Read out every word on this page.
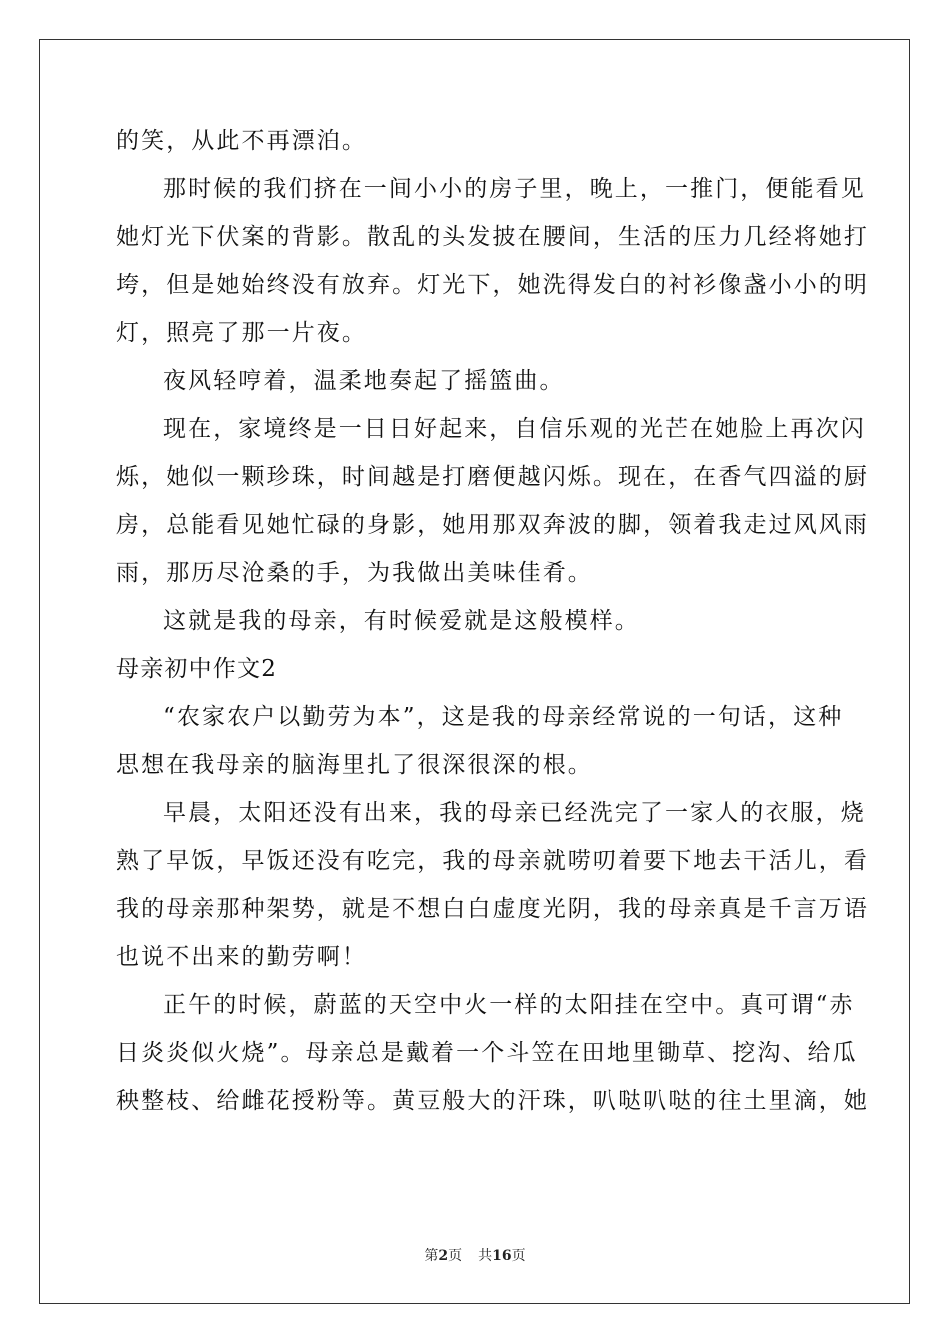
的笑，从此不再漂泊。
那时候的我们挤在一间小小的房子里，晚上，一推门，便能看见
她灯光下伏案的背影。散乱的头发披在腰间，生活的压力几经将她打
垮，但是她始终没有放弃。灯光下，她洗得发白的衬衫像盏小小的明
灯，照亮了那一片夜。
夜风轻哼着，温柔地奏起了摇篮曲。
现在，家境终是一日日好起来，自信乐观的光芒在她脸上再次闪
烁，她似一颗珍珠，时间越是打磨便越闪烁。现在，在香气四溢的厨
房，总能看见她忙碌的身影，她用那双奔波的脚，领着我走过风风雨
雨，那历尽沧桑的手，为我做出美味佳肴。
这就是我的母亲，有时候爱就是这般模样。
母亲初中作文2
“农家农户以勤劳为本”，这是我的母亲经常说的一句话，这种
思想在我母亲的脑海里扎了很深很深的根。
早晨，太阳还没有出来，我的母亲已经洗完了一家人的衣服，烧
熟了早饭，早饭还没有吃完，我的母亲就唠叨着要下地去干活儿，看
我的母亲那种架势，就是不想白白虚度光阴，我的母亲真是千言万语
也说不出来的勤劳啊！
正午的时候，蔚蓝的天空中火一样的太阳挂在空中。真可谓“赤
日炎炎似火烧”。母亲总是戴着一个斗笠在田地里锄草、挖沟、给瓜
秧整枝、给雌花授粉等。黄豆般大的汗珠，叭哒叭哒的往土里滴，她
第2页 共16页
